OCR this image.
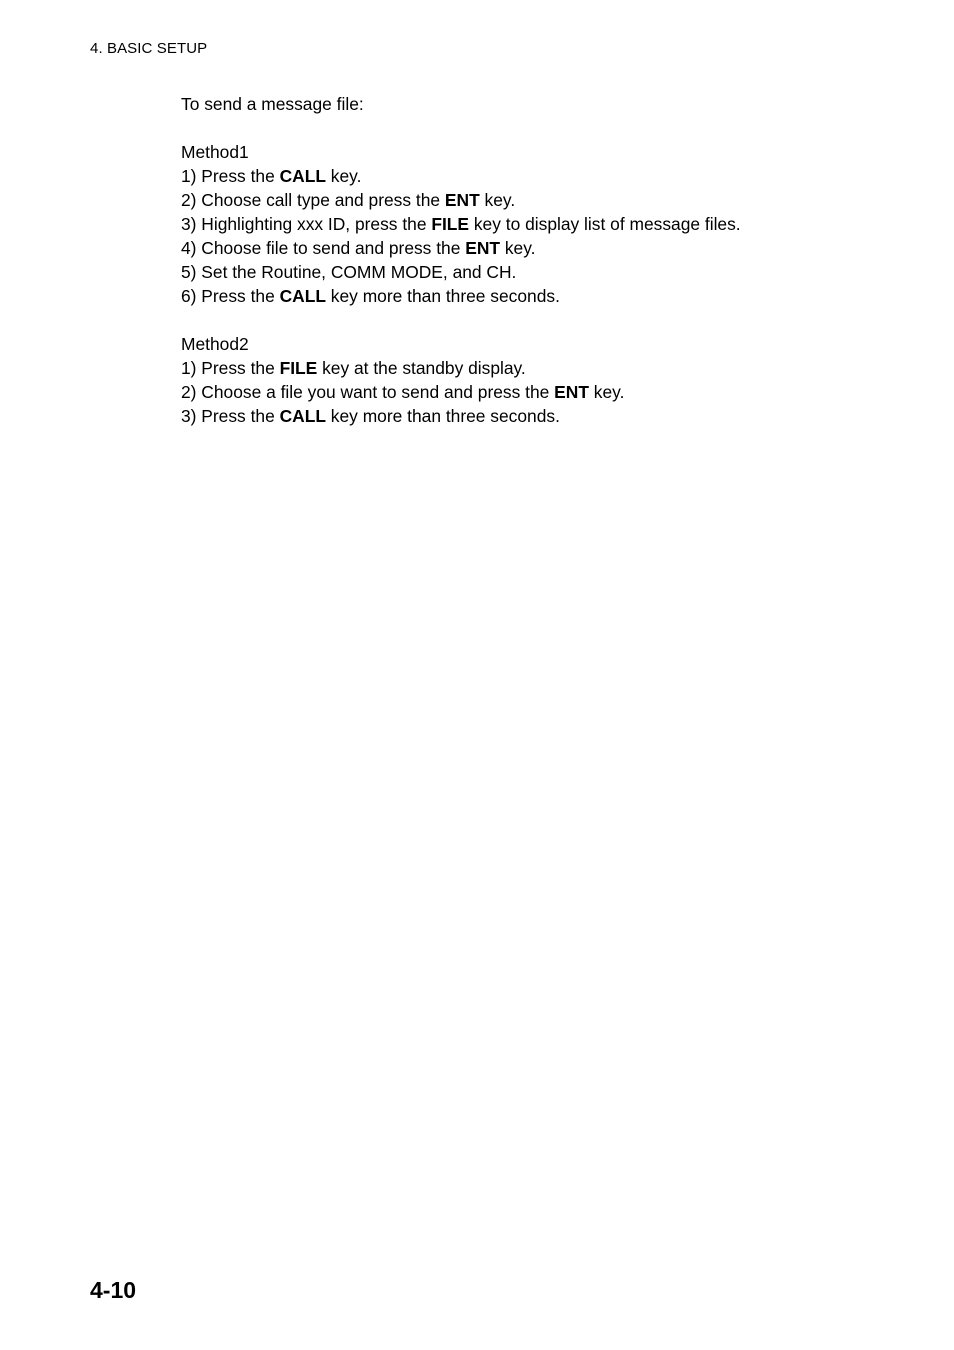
4. BASIC SETUP
To send a message file:
Method1
1) Press the CALL key.
2) Choose call type and press the ENT key.
3) Highlighting xxx ID, press the FILE key to display list of message files.
4) Choose file to send and press the ENT key.
5) Set the Routine, COMM MODE, and CH.
6) Press the CALL key more than three seconds.
Method2
1) Press the FILE key at the standby display.
2) Choose a file you want to send and press the ENT key.
3) Press the CALL key more than three seconds.
4-10
